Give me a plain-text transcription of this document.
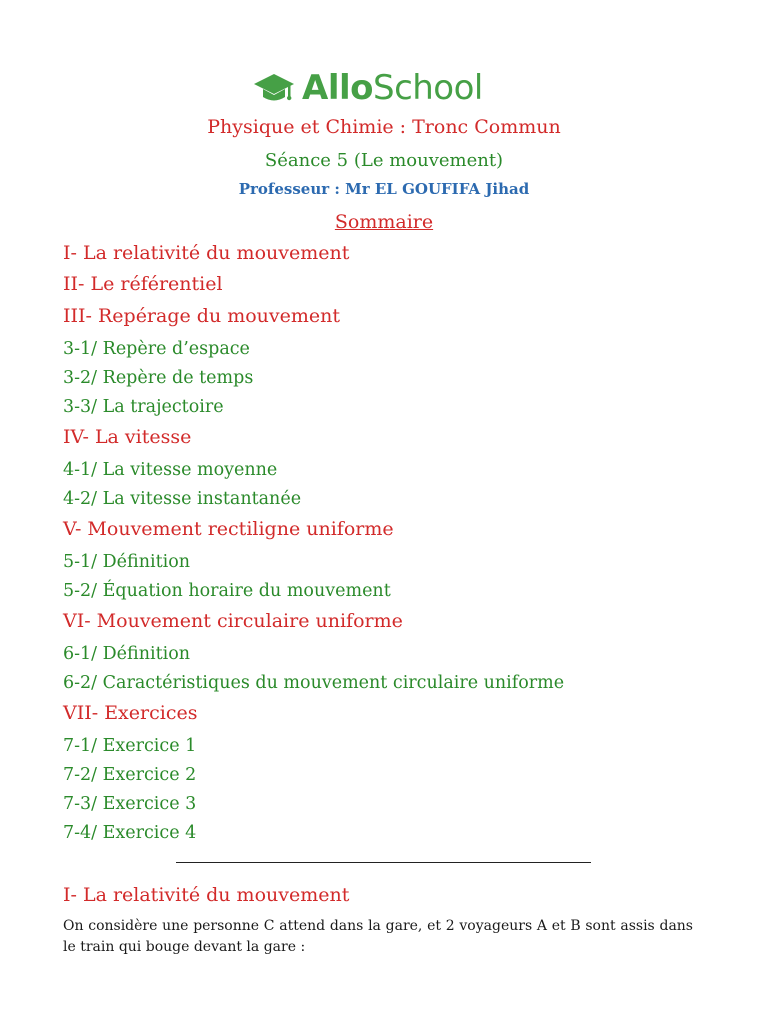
AlloSchool
Physique et Chimie : Tronc Commun
Séance 5 (Le mouvement)
Professeur : Mr EL GOUFIFA Jihad
Sommaire
I- La relativité du mouvement
II- Le référentiel
III- Repérage du mouvement
3-1/ Repère d’espace
3-2/ Repère de temps
3-3/ La trajectoire
IV- La vitesse
4-1/ La vitesse moyenne
4-2/ La vitesse instantanée
V- Mouvement rectiligne uniforme
5-1/ Définition
5-2/ Équation horaire du mouvement
VI- Mouvement circulaire uniforme
6-1/ Définition
6-2/ Caractéristiques du mouvement circulaire uniforme
VII- Exercices
7-1/ Exercice 1
7-2/ Exercice 2
7-3/ Exercice 3
7-4/ Exercice 4
I- La relativité du mouvement
On considère une personne C attend dans la gare, et 2 voyageurs A et B sont assis dans le train qui bouge devant la gare :
